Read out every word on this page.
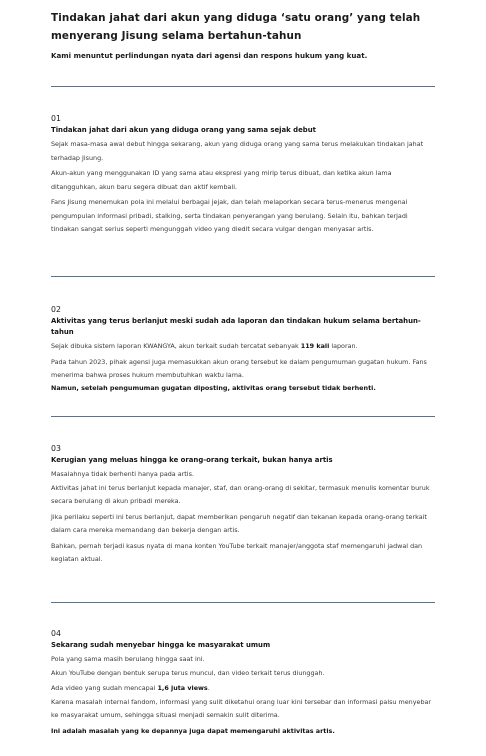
Tindakan jahat dari akun yang diduga ‘satu orang’ yang telah menyerang Jisung selama bertahun-tahun
Kami menuntut perlindungan nyata dari agensi dan respons hukum yang kuat.
01
Tindakan jahat dari akun yang diduga orang yang sama sejak debut
Sejak masa-masa awal debut hingga sekarang, akun yang diduga orang yang sama terus melakukan tindakan jahat terhadap Jisung.
Akun-akun yang menggunakan ID yang sama atau ekspresi yang mirip terus dibuat, dan ketika akun lama ditangguhkan, akun baru segera dibuat dan aktif kembali.
Fans Jisung menemukan pola ini melalui berbagai jejak, dan telah melaporkan secara terus-menerus mengenai pengumpulan informasi pribadi, stalking, serta tindakan penyerangan yang berulang. Selain itu, bahkan terjadi tindakan sangat serius seperti mengunggah video yang diedit secara vulgar dengan menyasar artis.
02
Aktivitas yang terus berlanjut meski sudah ada laporan dan tindakan hukum selama bertahun-tahun
Sejak dibuka sistem laporan KWANGYA, akun terkait sudah tercatat sebanyak 119 kali laporan.
Pada tahun 2023, pihak agensi juga memasukkan akun orang tersebut ke dalam pengumuman gugatan hukum. Fans menerima bahwa proses hukum membutuhkan waktu lama.
Namun, setelah pengumuman gugatan diposting, aktivitas orang tersebut tidak berhenti.
03
Kerugian yang meluas hingga ke orang-orang terkait, bukan hanya artis
Masalahnya tidak berhenti hanya pada artis.
Aktivitas jahat ini terus berlanjut kepada manajer, staf, dan orang-orang di sekitar, termasuk menulis komentar buruk secara berulang di akun pribadi mereka.
Jika perilaku seperti ini terus berlanjut, dapat memberikan pengaruh negatif dan tekanan kepada orang-orang terkait dalam cara mereka memandang dan bekerja dengan artis.
Bahkan, pernah terjadi kasus nyata di mana konten YouTube terkait manajer/anggota staf memengaruhi jadwal dan kegiatan aktual.
04
Sekarang sudah menyebar hingga ke masyarakat umum
Pola yang sama masih berulang hingga saat ini.
Akun YouTube dengan bentuk serupa terus muncul, dan video terkait terus diunggah.
Ada video yang sudah mencapai 1,6 juta views.
Karena masalah internal fandom, informasi yang sulit diketahui orang luar kini tersebar dan informasi palsu menyebar ke masyarakat umum, sehingga situasi menjadi semakin sulit diterima.
Ini adalah masalah yang ke depannya juga dapat memengaruhi aktivitas artis.
